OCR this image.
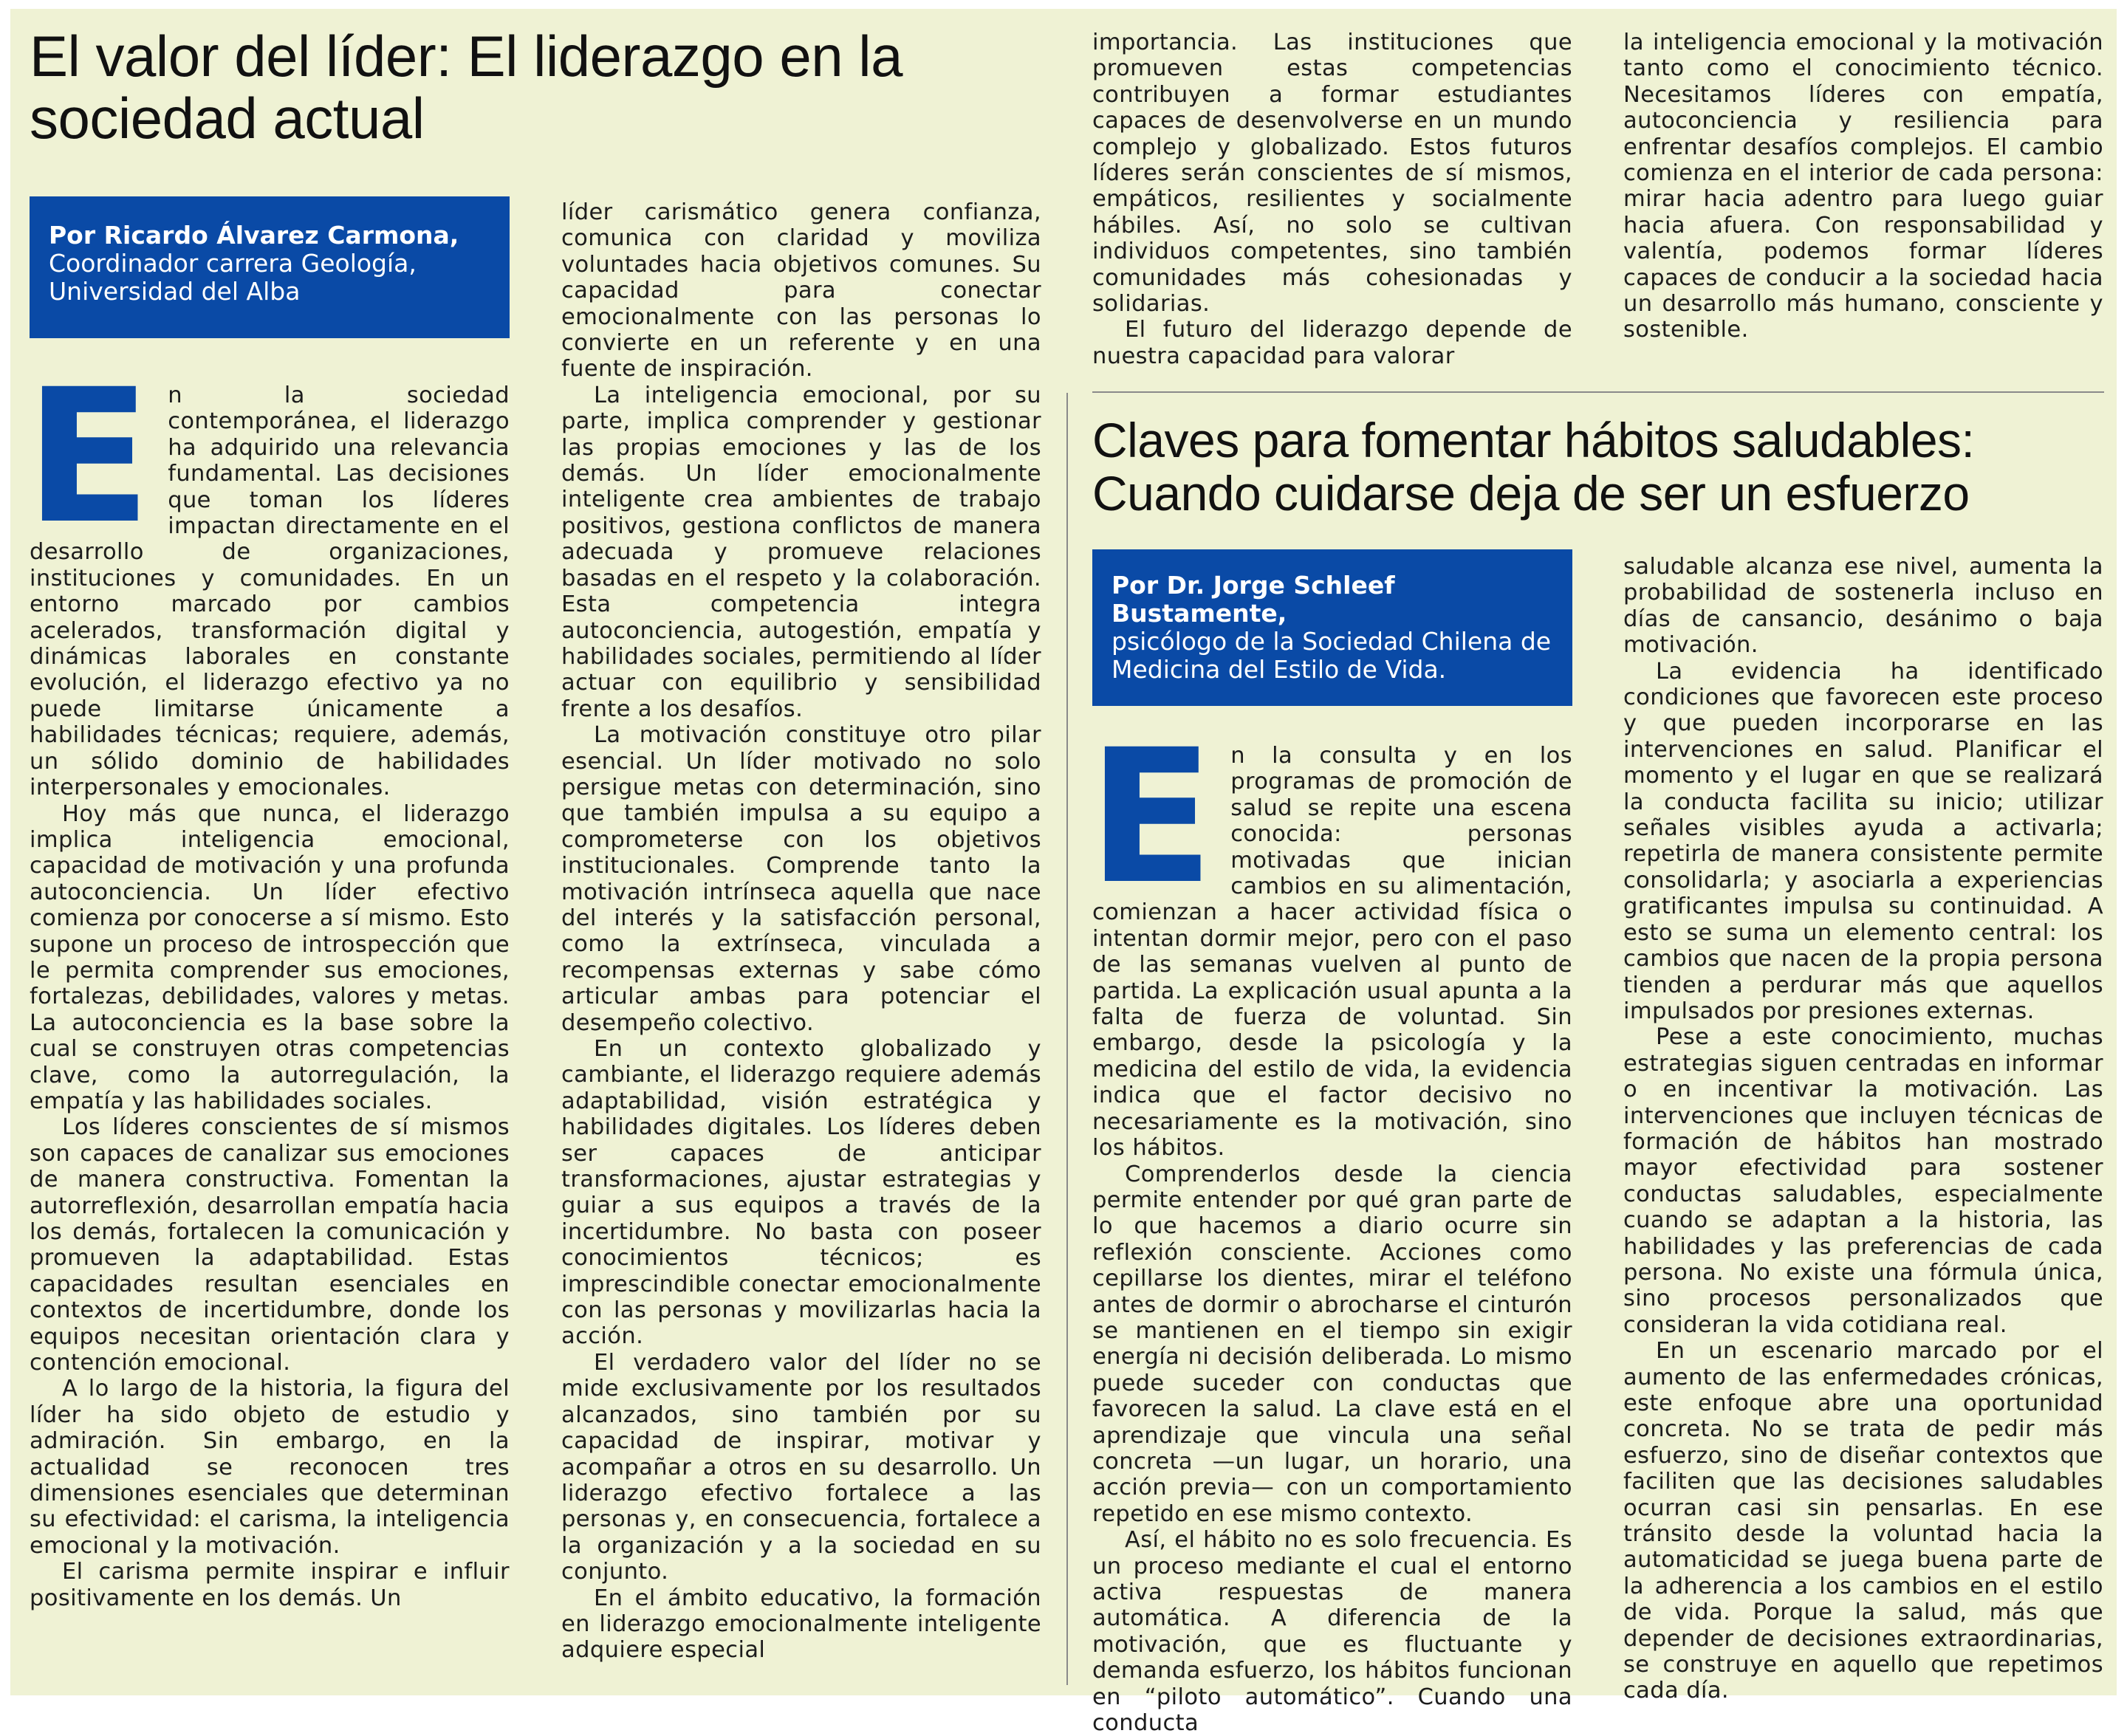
El valor del líder: El liderazgo en la sociedad actual
Por Ricardo Álvarez Carmona,
Coordinador carrera Geología, Universidad del Alba
E n la sociedad contemporánea, el liderazgo ha adquirido una relevancia fundamental. Las decisiones que toman los líderes impactan directamente en el desarrollo de organizaciones, instituciones y comunidades. En un entorno marcado por cambios acelerados, transformación digital y dinámicas laborales en constante evolución, el liderazgo efectivo ya no puede limitarse únicamente a habilidades técnicas; requiere, además, un sólido dominio de habilidades interpersonales y emocionales.

Hoy más que nunca, el liderazgo implica inteligencia emocional, capacidad de motivación y una profunda autoconciencia. Un líder efectivo comienza por conocerse a sí mismo. Esto supone un proceso de introspección que le permita comprender sus emociones, fortalezas, debilidades, valores y metas. La autoconciencia es la base sobre la cual se construyen otras competencias clave, como la autorregulación, la empatía y las habilidades sociales.

Los líderes conscientes de sí mismos son capaces de canalizar sus emociones de manera constructiva. Fomentan la autorreflexión, desarrollan empatía hacia los demás, fortalecen la comunicación y promueven la adaptabilidad. Estas capacidades resultan esenciales en contextos de incertidumbre, donde los equipos necesitan orientación clara y contención emocional.

A lo largo de la historia, la figura del líder ha sido objeto de estudio y admiración. Sin embargo, en la actualidad se reconocen tres dimensiones esenciales que determinan su efectividad: el carisma, la inteligencia emocional y la motivación.

El carisma permite inspirar e influir positivamente en los demás. Un

líder carismático genera confianza, comunica con claridad y moviliza voluntades hacia objetivos comunes. Su capacidad para conectar emocionalmente con las personas lo convierte en un referente y en una fuente de inspiración.

La inteligencia emocional, por su parte, implica comprender y gestionar las propias emociones y las de los demás. Un líder emocionalmente inteligente crea ambientes de trabajo positivos, gestiona conflictos de manera adecuada y promueve relaciones basadas en el respeto y la colaboración. Esta competencia integra autoconciencia, autogestión, empatía y habilidades sociales, permitiendo al líder actuar con equilibrio y sensibilidad frente a los desafíos.

La motivación constituye otro pilar esencial. Un líder motivado no solo persigue metas con determinación, sino que también impulsa a su equipo a comprometerse con los objetivos institucionales. Comprende tanto la motivación intrínseca aquella que nace del interés y la satisfacción personal, como la extrínseca, vinculada a recompensas externas y sabe cómo articular ambas para potenciar el desempeño colectivo.

En un contexto globalizado y cambiante, el liderazgo requiere además adaptabilidad, visión estratégica y habilidades digitales. Los líderes deben ser capaces de anticipar transformaciones, ajustar estrategias y guiar a sus equipos a través de la incertidumbre. No basta con poseer conocimientos técnicos; es imprescindible conectar emocionalmente con las personas y movilizarlas hacia la acción.

El verdadero valor del líder no se mide exclusivamente por los resultados alcanzados, sino también por su capacidad de inspirar, motivar y acompañar a otros en su desarrollo. Un liderazgo efectivo fortalece a las personas y, en consecuencia, fortalece a la organización y a la sociedad en su conjunto.

En el ámbito educativo, la formación en liderazgo emocionalmente inteligente adquiere especial

importancia. Las instituciones que promueven estas competencias contribuyen a formar estudiantes capaces de desenvolverse en un mundo complejo y globalizado. Estos futuros líderes serán conscientes de sí mismos, empáticos, resilientes y socialmente hábiles. Así, no solo se cultivan individuos competentes, sino también comunidades más cohesionadas y solidarias.

El futuro del liderazgo depende de nuestra capacidad para valorar

la inteligencia emocional y la motivación tanto como el conocimiento técnico. Necesitamos líderes con empatía, autoconciencia y resiliencia para enfrentar desafíos complejos. El cambio comienza en el interior de cada persona: mirar hacia adentro para luego guiar hacia afuera. Con responsabilidad y valentía, podemos formar líderes capaces de conducir a la sociedad hacia un desarrollo más humano, consciente y sostenible.

Claves para fomentar hábitos saludables: Cuando cuidarse deja de ser un esfuerzo
Por Dr. Jorge Schleef Bustamente,
psicólogo de la Sociedad Chilena de Medicina del Estilo de Vida.
E n la consulta y en los programas de promoción de salud se repite una escena conocida: personas motivadas que inician cambios en su alimentación, comienzan a hacer actividad física o intentan dormir mejor, pero con el paso de las semanas vuelven al punto de partida. La explicación usual apunta a la falta de fuerza de voluntad. Sin embargo, desde la psicología y la medicina del estilo de vida, la evidencia indica que el factor decisivo no necesariamente es la motivación, sino los hábitos.

Comprenderlos desde la ciencia permite entender por qué gran parte de lo que hacemos a diario ocurre sin reflexión consciente. Acciones como cepillarse los dientes, mirar el teléfono antes de dormir o abrocharse el cinturón se mantienen en el tiempo sin exigir energía ni decisión deliberada. Lo mismo puede suceder con conductas que favorecen la salud. La clave está en el aprendizaje que vincula una señal concreta —un lugar, un horario, una acción previa— con un comportamiento repetido en ese mismo contexto.

Así, el hábito no es solo frecuencia. Es un proceso mediante el cual el entorno activa respuestas de manera automática. A diferencia de la motivación, que es fluctuante y demanda esfuerzo, los hábitos funcionan en “piloto automático”. Cuando una conducta

saludable alcanza ese nivel, aumenta la probabilidad de sostenerla incluso en días de cansancio, desánimo o baja motivación.

La evidencia ha identificado condiciones que favorecen este proceso y que pueden incorporarse en las intervenciones en salud. Planificar el momento y el lugar en que se realizará la conducta facilita su inicio; utilizar señales visibles ayuda a activarla; repetirla de manera consistente permite consolidarla; y asociarla a experiencias gratificantes impulsa su continuidad. A esto se suma un elemento central: los cambios que nacen de la propia persona tienden a perdurar más que aquellos impulsados por presiones externas.

Pese a este conocimiento, muchas estrategias siguen centradas en informar o en incentivar la motivación. Las intervenciones que incluyen técnicas de formación de hábitos han mostrado mayor efectividad para sostener conductas saludables, especialmente cuando se adaptan a la historia, las habilidades y las preferencias de cada persona. No existe una fórmula única, sino procesos personalizados que consideran la vida cotidiana real.

En un escenario marcado por el aumento de las enfermedades crónicas, este enfoque abre una oportunidad concreta. No se trata de pedir más esfuerzo, sino de diseñar contextos que faciliten que las decisiones saludables ocurran casi sin pensarlas. En ese tránsito desde la voluntad hacia la automaticidad se juega buena parte de la adherencia a los cambios en el estilo de vida. Porque la salud, más que depender de decisiones extraordinarias, se construye en aquello que repetimos cada día.
